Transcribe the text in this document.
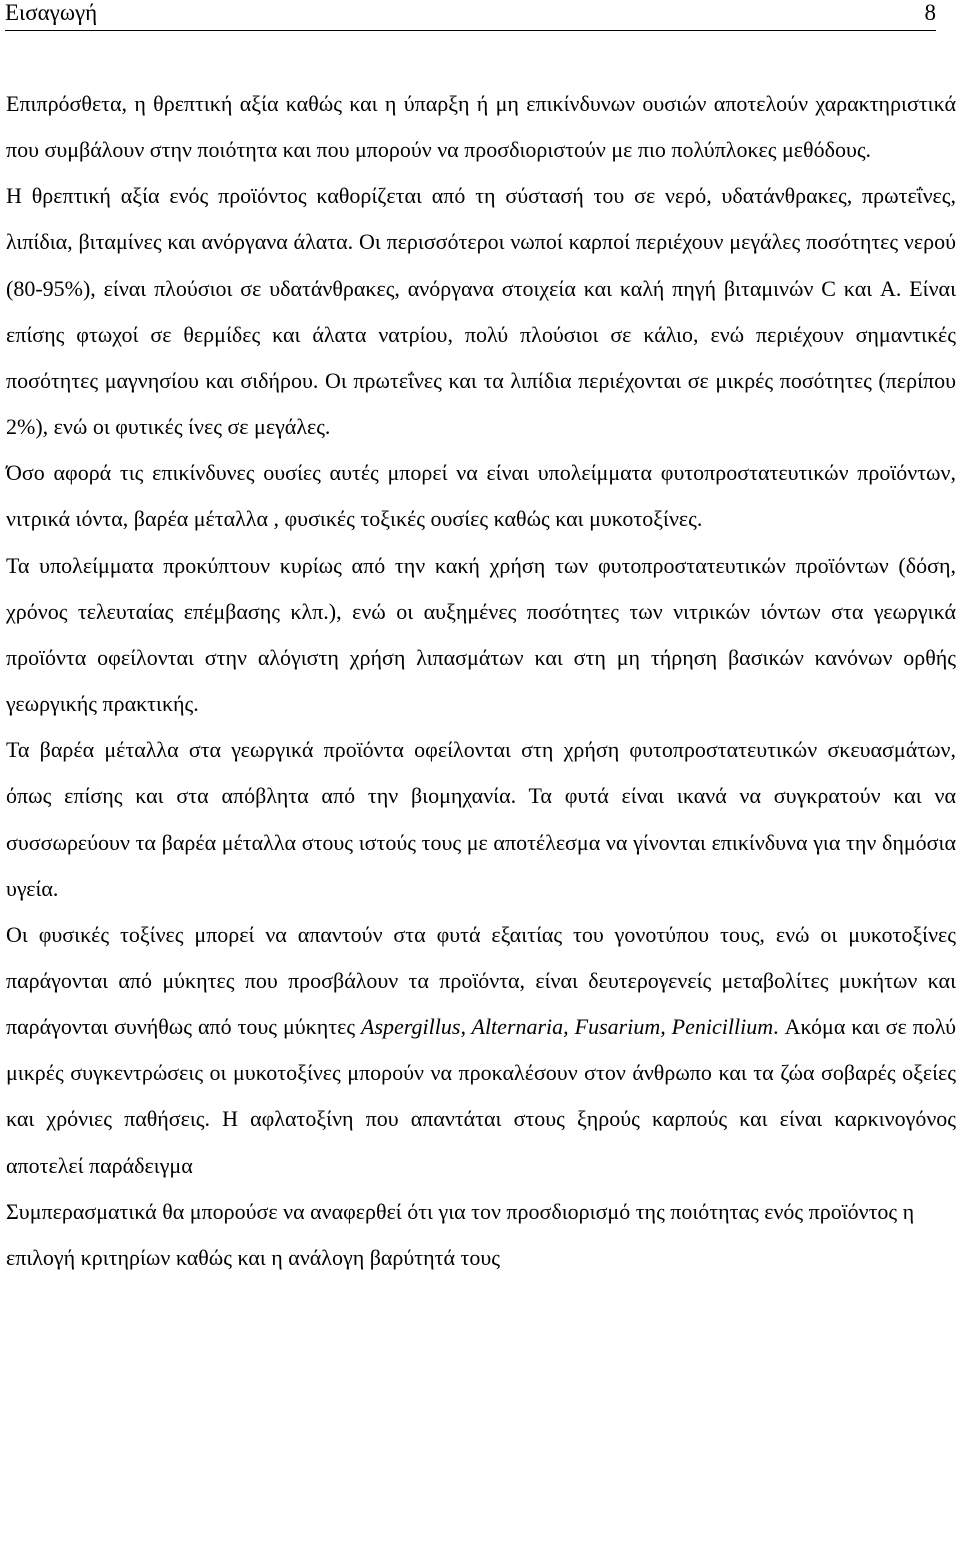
Εισαγωγή	8

Επιπρόσθετα, η θρεπτική αξία καθώς και η ύπαρξη ή μη επικίνδυνων ουσιών αποτελούν χαρακτηριστικά που συμβάλουν στην ποιότητα και που μπορούν να προσδιοριστούν με πιο πολύπλοκες μεθόδους.

Η θρεπτική αξία ενός προϊόντος καθορίζεται από τη σύστασή του σε νερό, υδατάνθρακες, πρωτεΐνες, λιπίδια, βιταμίνες και ανόργανα άλατα. Οι περισσότεροι νωποί καρποί περιέχουν μεγάλες ποσότητες νερού (80-95%), είναι πλούσιοι σε υδατάνθρακες, ανόργανα στοιχεία και καλή πηγή βιταμινών C και A. Είναι επίσης φτωχοί σε θερμίδες και άλατα νατρίου, πολύ πλούσιοι σε κάλιο, ενώ περιέχουν σημαντικές ποσότητες μαγνησίου και σιδήρου. Οι πρωτεΐνες και τα λιπίδια περιέχονται σε μικρές ποσότητες (περίπου 2%), ενώ οι φυτικές ίνες σε μεγάλες.

Όσο αφορά τις επικίνδυνες ουσίες αυτές μπορεί να είναι υπολείμματα φυτοπροστατευτικών προϊόντων, νιτρικά ιόντα, βαρέα μέταλλα , φυσικές τοξικές ουσίες καθώς και μυκοτοξίνες.

Τα υπολείμματα προκύπτουν κυρίως από την κακή χρήση των φυτοπροστατευτικών προϊόντων (δόση, χρόνος τελευταίας επέμβασης κλπ.), ενώ οι αυξημένες ποσότητες των νιτρικών ιόντων στα γεωργικά προϊόντα οφείλονται στην αλόγιστη χρήση λιπασμάτων και στη μη τήρηση βασικών κανόνων ορθής γεωργικής πρακτικής.

Τα βαρέα μέταλλα στα γεωργικά προϊόντα οφείλονται στη χρήση φυτοπροστατευτικών σκευασμάτων, όπως επίσης και στα απόβλητα από την βιομηχανία. Τα φυτά είναι ικανά να συγκρατούν και να συσσωρεύουν τα βαρέα μέταλλα στους ιστούς τους με αποτέλεσμα να γίνονται επικίνδυνα για την δημόσια υγεία.

Οι φυσικές τοξίνες μπορεί να απαντούν στα φυτά εξαιτίας του γονοτύπου τους, ενώ οι μυκοτοξίνες παράγονται από μύκητες που προσβάλουν τα προϊόντα, είναι δευτερογενείς μεταβολίτες μυκήτων και παράγονται συνήθως από τους μύκητες Aspergillus, Alternaria, Fusarium, Penicillium. Ακόμα και σε πολύ μικρές συγκεντρώσεις οι μυκοτοξίνες μπορούν να προκαλέσουν στον άνθρωπο και τα ζώα σοβαρές οξείες και χρόνιες παθήσεις. Η αφλατοξίνη που απαντάται στους ξηρούς καρπούς και είναι καρκινογόνος αποτελεί παράδειγμα

Συμπερασματικά θα μπορούσε να αναφερθεί ότι για τον προσδιορισμό της ποιότητας ενός προϊόντος η επιλογή κριτηρίων καθώς και η ανάλογη βαρύτητά τους
